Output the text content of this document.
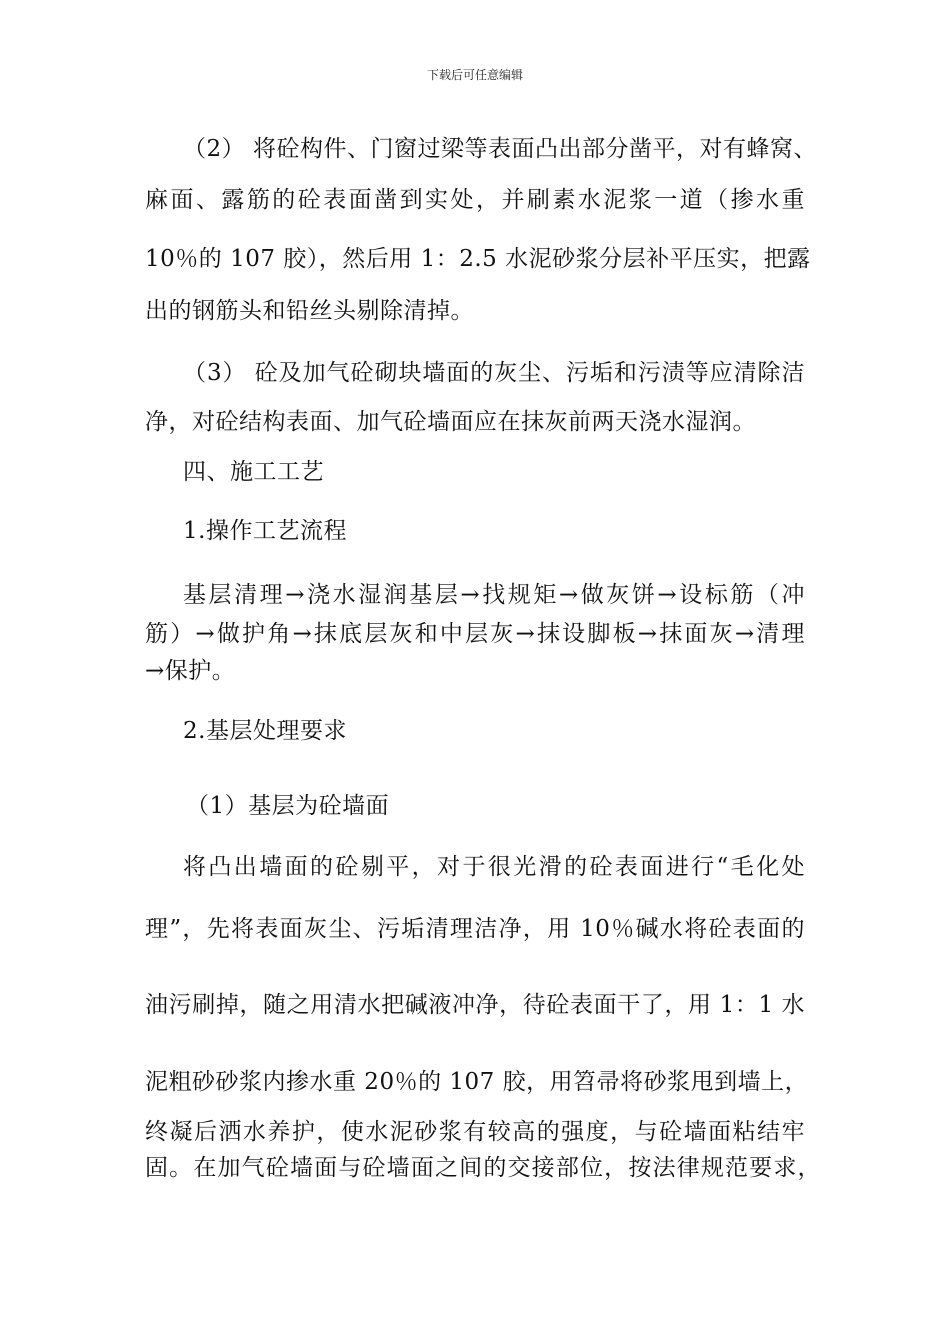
下载后可任意编辑
（2） 将砼构件、门窗过梁等表面凸出部分凿平，对有蜂窝、
麻面、露筋的砼表面凿到实处，并刷素水泥浆一道（掺水重
10％的 107 胶），然后用 1：2.5 水泥砂浆分层补平压实，把露
出的钢筋头和铅丝头剔除清掉。
（3） 砼及加气砼砌块墙面的灰尘、污垢和污渍等应清除洁
净，对砼结构表面、加气砼墙面应在抹灰前两天浇水湿润。
四、施工工艺
1.操作工艺流程
基层清理→浇水湿润基层→找规矩→做灰饼→设标筋（冲
筋）→做护角→抹底层灰和中层灰→抹设脚板→抹面灰→清理
→保护。
2.基层处理要求
（1）基层为砼墙面
将凸出墙面的砼剔平，对于很光滑的砼表面进行“毛化处
理”，先将表面灰尘、污垢清理洁净，用 10％碱水将砼表面的
油污刷掉，随之用清水把碱液冲净，待砼表面干了，用 1：1 水
泥粗砂砂浆内掺水重 20％的 107 胶，用笤帚将砂浆甩到墙上，
终凝后洒水养护，使水泥砂浆有较高的强度，与砼墙面粘结牢
固。在加气砼墙面与砼墙面之间的交接部位，按法律规范要求，
